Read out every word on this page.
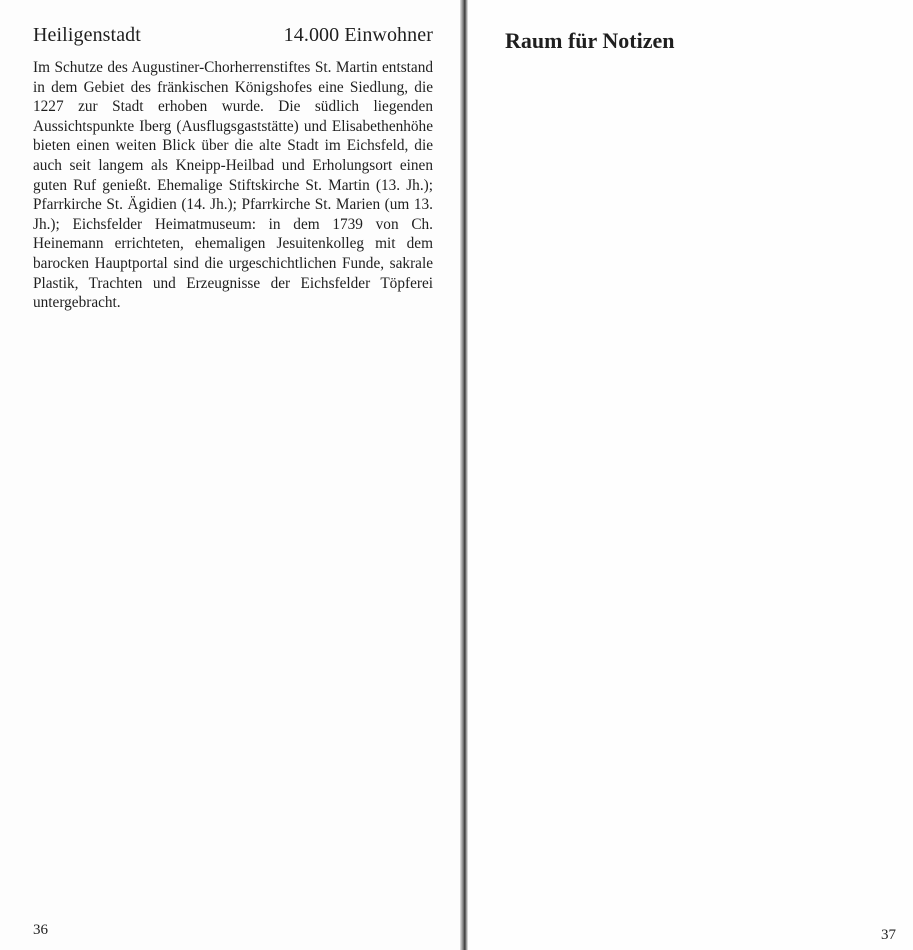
Heiligenstadt	14.000 Einwohner

Im Schutze des Augustiner-Chorherrenstiftes St. Martin entstand in dem Gebiet des fränkischen Königshofes eine Siedlung, die 1227 zur Stadt erhoben wurde. Die südlich liegenden Aussichtspunkte Iberg (Ausflugsgaststätte) und Elisabethenhöhe bieten einen weiten Blick über die alte Stadt im Eichsfeld, die auch seit langem als Kneipp-Heilbad und Erholungsort einen guten Ruf genießt. Ehemalige Stiftskirche St. Martin (13. Jh.); Pfarrkirche St. Ägidien (14. Jh.); Pfarrkirche St. Marien (um 13. Jh.); Eichsfelder Heimatmuseum: in dem 1739 von Ch. Heinemann errichteten, ehemaligen Jesuitenkolleg mit dem barocken Hauptportal sind die urgeschichtlichen Funde, sakrale Plastik, Trachten und Erzeugnisse der Eichsfelder Töpferei untergebracht.

36
Raum für Notizen
37
